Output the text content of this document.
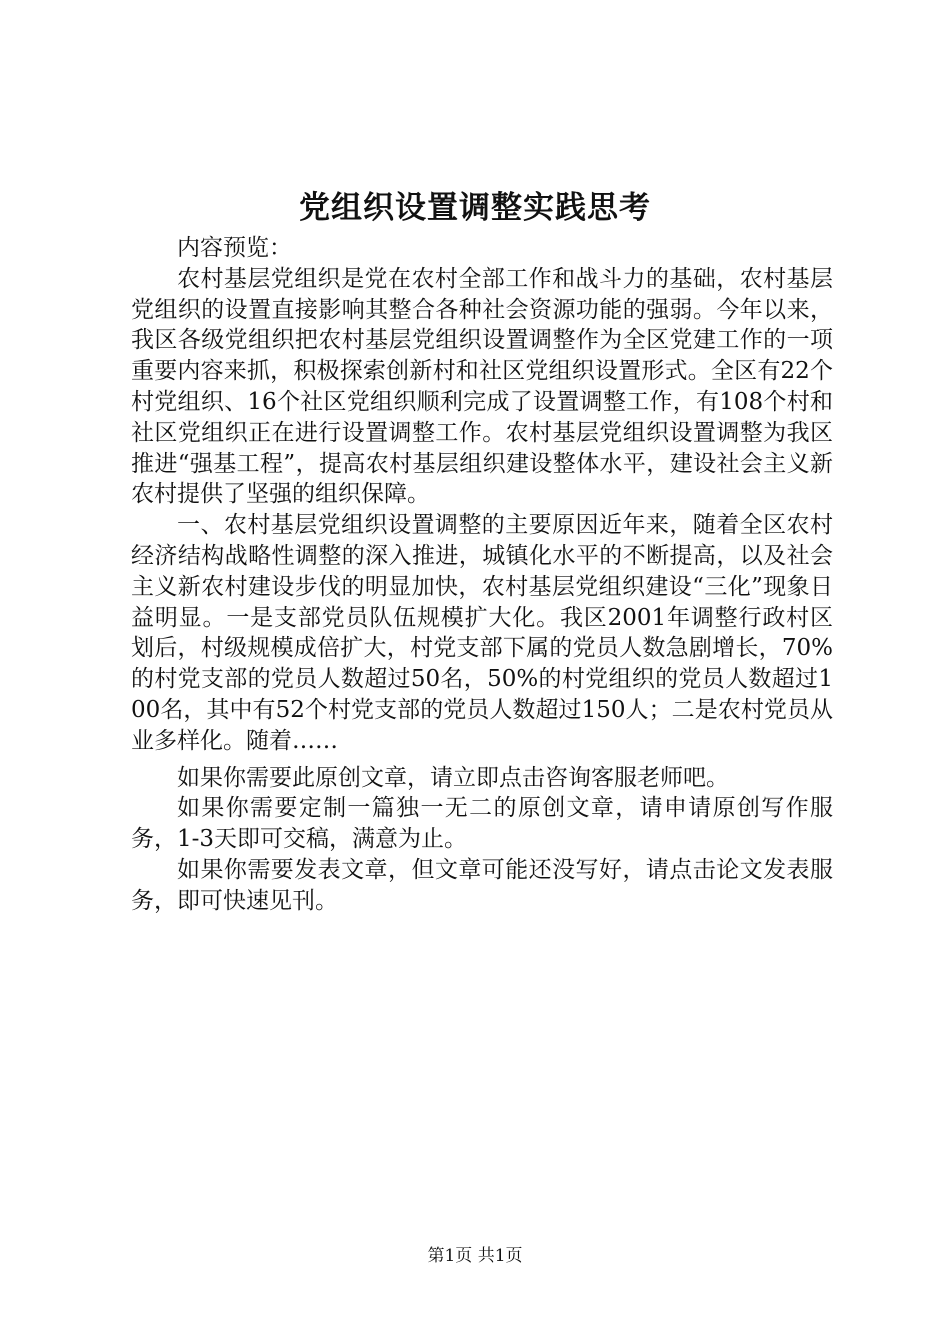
党组织设置调整实践思考

内容预览：

农村基层党组织是党在农村全部工作和战斗力的基础，农村基层党组织的设置直接影响其整合各种社会资源功能的强弱。今年以来，我区各级党组织把农村基层党组织设置调整作为全区党建工作的一项重要内容来抓，积极探索创新村和社区党组织设置形式。全区有22个村党组织、16个社区党组织顺利完成了设置调整工作，有108个村和社区党组织正在进行设置调整工作。农村基层党组织设置调整为我区推进“强基工程”，提高农村基层组织建设整体水平，建设社会主义新农村提供了坚强的组织保障。

一、农村基层党组织设置调整的主要原因近年来，随着全区农村经济结构战略性调整的深入推进，城镇化水平的不断提高，以及社会主义新农村建设步伐的明显加快，农村基层党组织建设“三化”现象日益明显。一是支部党员队伍规模扩大化。我区2001年调整行政村区划后，村级规模成倍扩大，村党支部下属的党员人数急剧增长，70%的村党支部的党员人数超过50名，50%的村党组织的党员人数超过100名，其中有52个村党支部的党员人数超过150人；二是农村党员从业多样化。随着……

如果你需要此原创文章，请立即点击咨询客服老师吧。

如果你需要定制一篇独一无二的原创文章，请申请原创写作服务，1-3天即可交稿，满意为止。

如果你需要发表文章，但文章可能还没写好，请点击论文发表服务，即可快速见刊。

第1页 共1页
